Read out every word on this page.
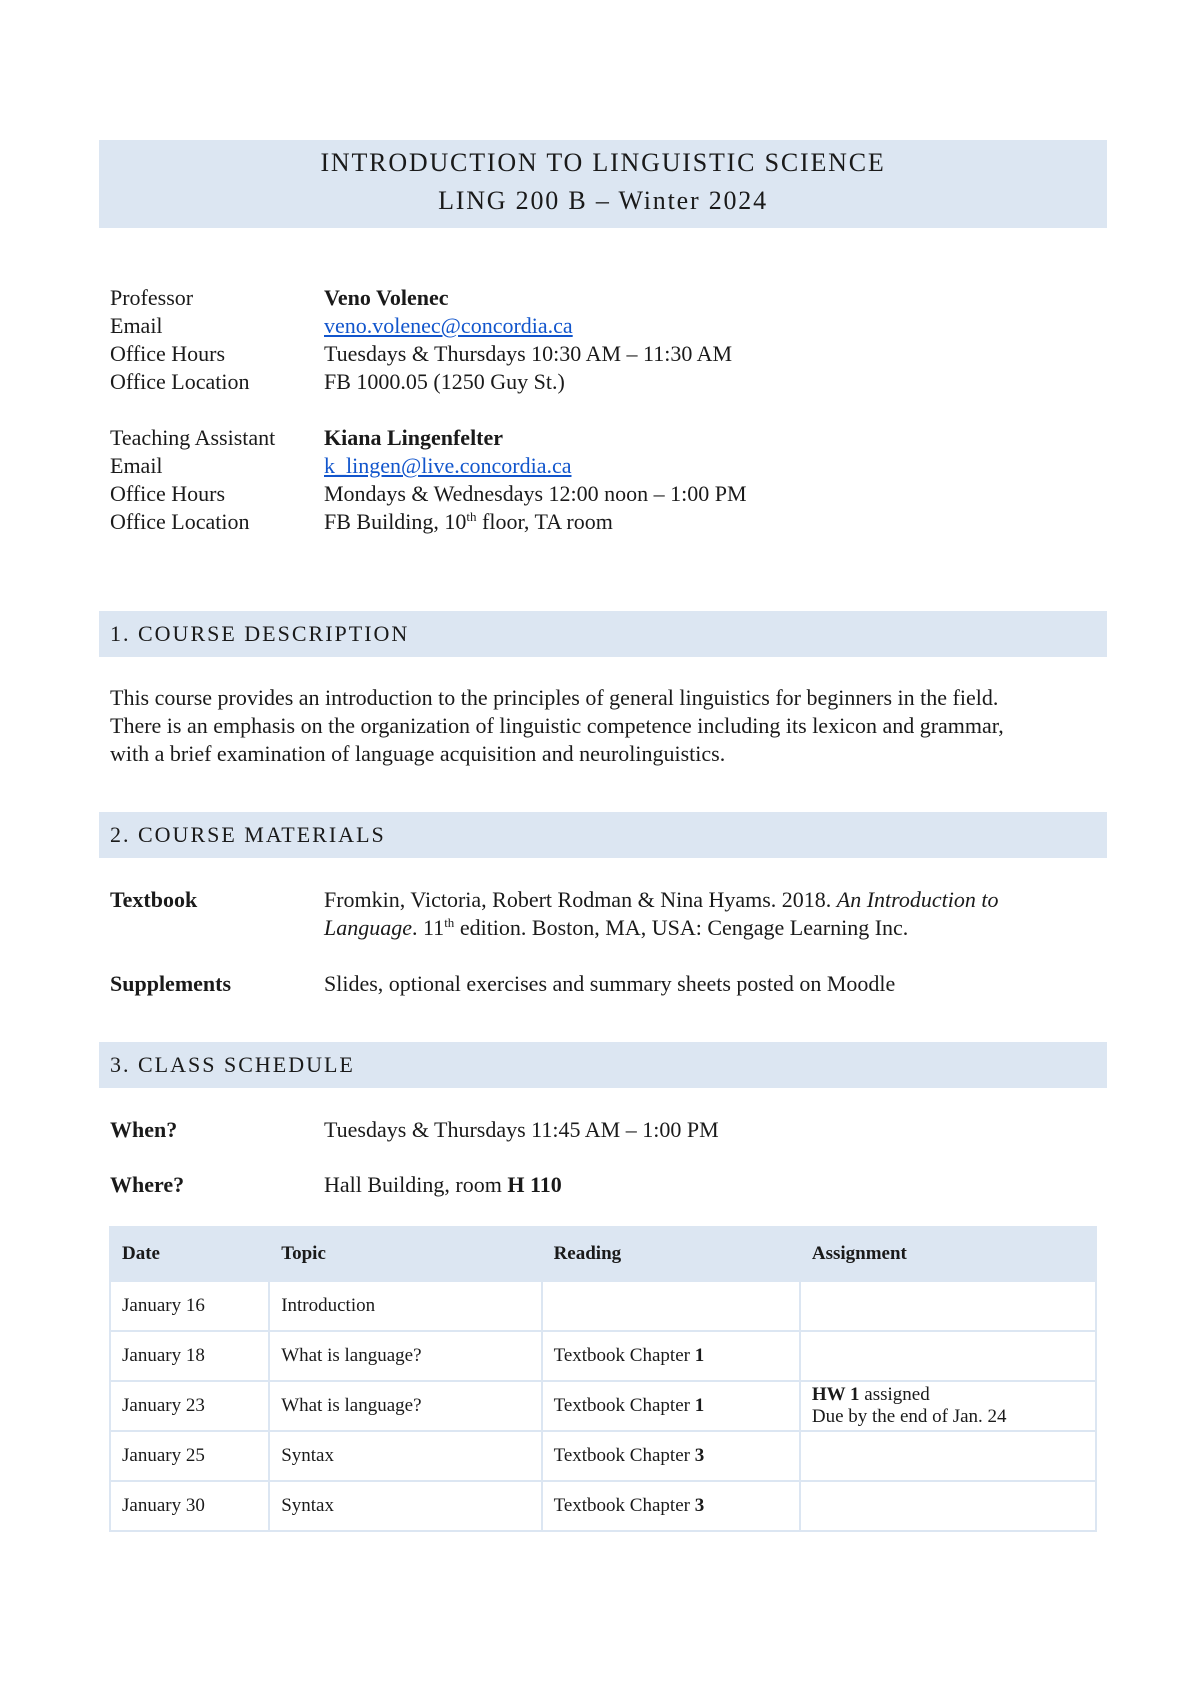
INTRODUCTION TO LINGUISTIC SCIENCE
LING 200 B – Winter 2024
Professor	Veno Volenec
Email	veno.volenec@concordia.ca
Office Hours	Tuesdays & Thursdays 10:30 AM – 11:30 AM
Office Location	FB 1000.05 (1250 Guy St.)
Teaching Assistant	Kiana Lingenfelter
Email	k_lingen@live.concordia.ca
Office Hours	Mondays & Wednesdays 12:00 noon – 1:00 PM
Office Location	FB Building, 10th floor, TA room
1. COURSE DESCRIPTION
This course provides an introduction to the principles of general linguistics for beginners in the field.
There is an emphasis on the organization of linguistic competence including its lexicon and grammar,
with a brief examination of language acquisition and neurolinguistics.
2. COURSE MATERIALS
Textbook	Fromkin, Victoria, Robert Rodman & Nina Hyams. 2018. An Introduction to
Language. 11th edition. Boston, MA, USA: Cengage Learning Inc.
Supplements	Slides, optional exercises and summary sheets posted on Moodle
3. CLASS SCHEDULE
When?	Tuesdays & Thursdays 11:45 AM – 1:00 PM
Where?	Hall Building, room H 110
Date	Topic	Reading	Assignment
January 16	Introduction		
January 18	What is language?	Textbook Chapter 1	
January 23	What is language?	Textbook Chapter 1	HW 1 assigned
Due by the end of Jan. 24
January 25	Syntax	Textbook Chapter 3	
January 30	Syntax	Textbook Chapter 3	
